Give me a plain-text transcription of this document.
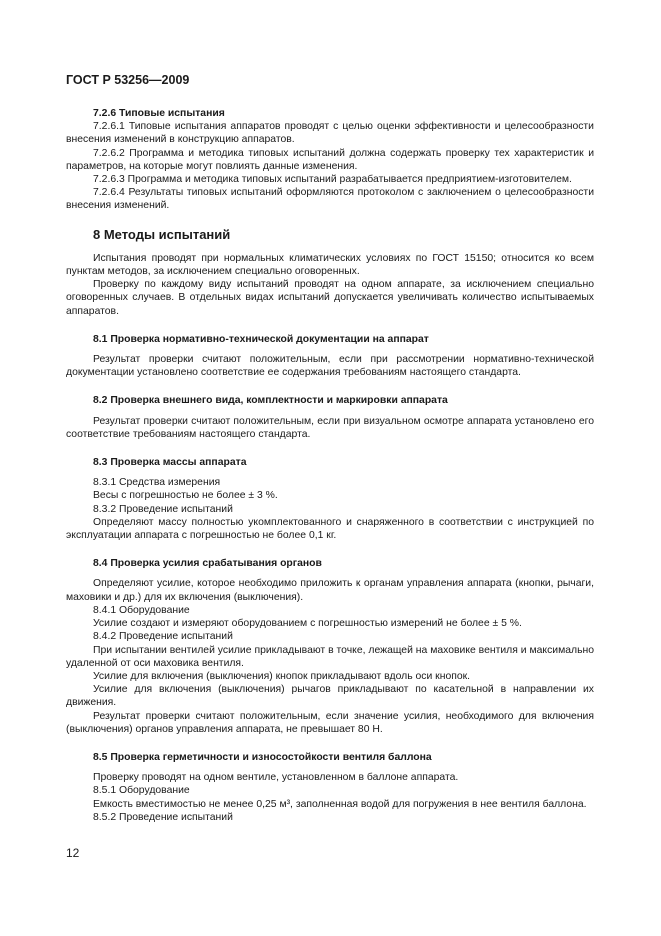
ГОСТ Р 53256—2009

7.2.6 Типовые испытания

7.2.6.1 Типовые испытания аппаратов проводят с целью оценки эффективности и целесообразности внесения изменений в конструкцию аппаратов.

7.2.6.2 Программа и методика типовых испытаний должна содержать проверку тех характеристик и параметров, на которые могут повлиять данные изменения.

7.2.6.3 Программа и методика типовых испытаний разрабатывается предприятием-изготовителем.

7.2.6.4 Результаты типовых испытаний оформляются протоколом с заключением о целесообразности внесения изменений.

8 Методы испытаний

Испытания проводят при нормальных климатических условиях по ГОСТ 15150; относится ко всем пунктам методов, за исключением специально оговоренных.

Проверку по каждому виду испытаний проводят на одном аппарате, за исключением специально оговоренных случаев. В отдельных видах испытаний допускается увеличивать количество испытываемых аппаратов.

8.1 Проверка нормативно-технической документации на аппарат

Результат проверки считают положительным, если при рассмотрении нормативно-технической документации установлено соответствие ее содержания требованиям настоящего стандарта.

8.2 Проверка внешнего вида, комплектности и маркировки аппарата

Результат проверки считают положительным, если при визуальном осмотре аппарата установлено его соответствие требованиям настоящего стандарта.

8.3 Проверка массы аппарата

8.3.1 Средства измерения

Весы с погрешностью не более ± 3 %.

8.3.2 Проведение испытаний

Определяют массу полностью укомплектованного и снаряженного в соответствии с инструкцией по эксплуатации аппарата с погрешностью не более 0,1 кг.

8.4 Проверка усилия срабатывания органов

Определяют усилие, которое необходимо приложить к органам управления аппарата (кнопки, рычаги, маховики и др.) для их включения (выключения).

8.4.1 Оборудование

Усилие создают и измеряют оборудованием с погрешностью измерений не более ± 5 %.

8.4.2 Проведение испытаний

При испытании вентилей усилие прикладывают в точке, лежащей на маховике вентиля и максимально удаленной от оси маховика вентиля.

Усилие для включения (выключения) кнопок прикладывают вдоль оси кнопок.

Усилие для включения (выключения) рычагов прикладывают по касательной в направлении их движения.

Результат проверки считают положительным, если значение усилия, необходимого для включения (выключения) органов управления аппарата, не превышает 80 Н.

8.5 Проверка герметичности и износостойкости вентиля баллона

Проверку проводят на одном вентиле, установленном в баллоне аппарата.

8.5.1 Оборудование

Емкость вместимостью не менее 0,25 м³, заполненная водой для погружения в нее вентиля баллона.

8.5.2 Проведение испытаний

12
